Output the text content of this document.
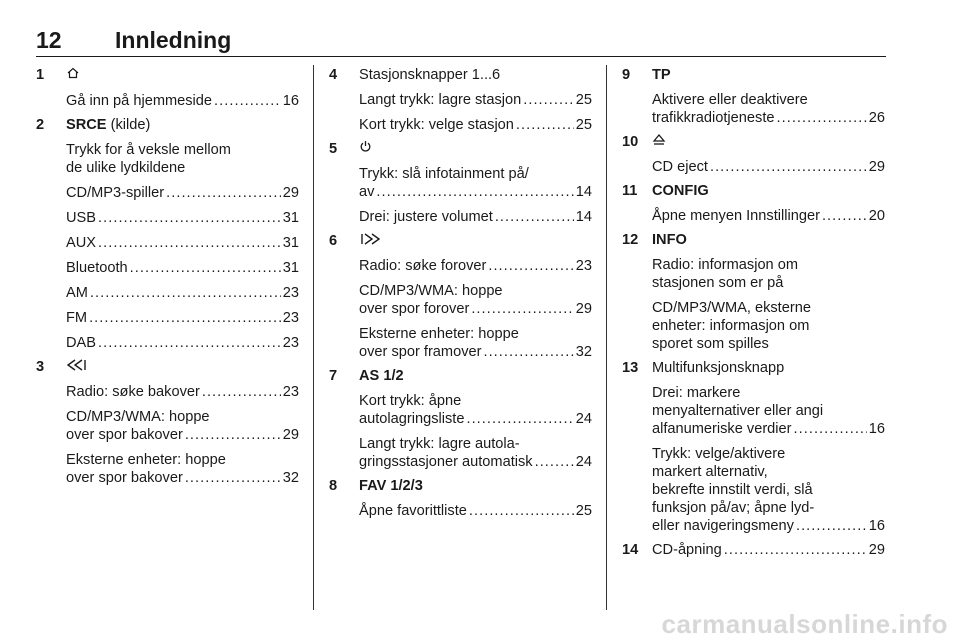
12 Innledning
1
Gå inn på hjemmeside . . .	16
2 SRCE (kilde)
Trykk for å veksle mellom
de ulike lydkildene
CD/MP3-spiller . . .	29
USB . . .	31
AUX . . .	31
Bluetooth . . .	31
AM . . .	23
FM . . .	23
DAB . . .	23
3
Radio: søke bakover . . .	23
CD/MP3/WMA: hoppe
over spor bakover . . .	29
Eksterne enheter: hoppe
over spor bakover . . .	32
4 Stasjonsknapper 1...6
Langt trykk: lagre stasjon . . .	25
Kort trykk: velge stasjon . . .	25
5
Trykk: slå infotainment på/
av . . .	14
Drei: justere volumet . . .	14
6
Radio: søke forover . . .	23
CD/MP3/WMA: hoppe
over spor forover . . .	29
Eksterne enheter: hoppe
over spor framover . . .	32
7 AS 1/2
Kort trykk: åpne
autolagringsliste . . .	24
Langt trykk: lagre autola-
gringsstasjoner automatisk . . .	24
8 FAV 1/2/3
Åpne favorittliste . . .	25
9 TP
Aktivere eller deaktivere
trafikkradiotjeneste . . .	26
10
CD eject . . .	29
11 CONFIG
Åpne menyen Innstillinger . . .	20
12 INFO
Radio: informasjon om
stasjonen som er på
CD/MP3/WMA, eksterne
enheter: informasjon om
sporet som spilles
13 Multifunksjonsknapp
Drei: markere
menyalternativer eller angi
alfanumeriske verdier . . .	16
Trykk: velge/aktivere
markert alternativ,
bekrefte innstilt verdi, slå
funksjon på/av; åpne lyd-
eller navigeringsmeny . . .	16
14 CD-åpning . . .	29
carmanualsonline.info
